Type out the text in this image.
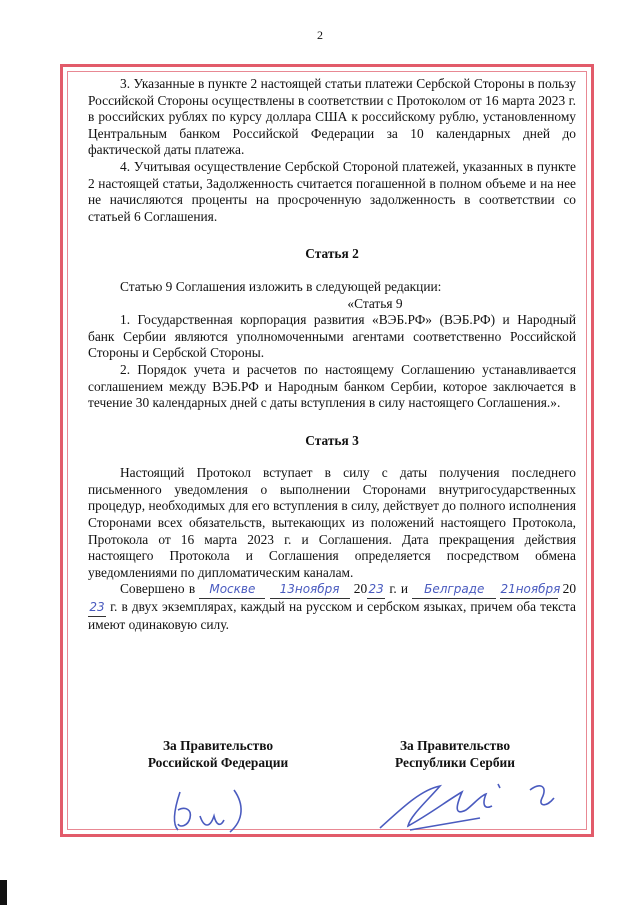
2

3. Указанные в пункте 2 настоящей статьи платежи Сербской Стороны в пользу Российской Стороны осуществлены в соответствии с Протоколом от 16 марта 2023 г. в российских рублях по курсу доллара США к российскому рублю, установленному Центральным банком Российской Федерации за 10 календарных дней до фактической даты платежа.

4. Учитывая осуществление Сербской Стороной платежей, указанных в пункте 2 настоящей статьи, Задолженность считается погашенной в полном объеме и на нее не начисляются проценты на просроченную задолженность в соответствии со статьей 6 Соглашения.

Статья 2

Статью 9 Соглашения изложить в следующей редакции:

«Статья 9

1. Государственная корпорация развития «ВЭБ.РФ» (ВЭБ.РФ) и Народный банк Сербии являются уполномоченными агентами соответственно Российской Стороны и Сербской Стороны.

2. Порядок учета и расчетов по настоящему Соглашению устанавливается соглашением между ВЭБ.РФ и Народным банком Сербии, которое заключается в течение 30 календарных дней с даты вступления в силу настоящего Соглашения.».

Статья 3

Настоящий Протокол вступает в силу с даты получения последнего письменного уведомления о выполнении Сторонами внутригосударственных процедур, необходимых для его вступления в силу, действует до полного исполнения Сторонами всех обязательств, вытекающих из положений настоящего Протокола, Протокола от 16 марта 2023 г. и Соглашения. Дата прекращения действия настоящего Протокола и Соглашения определяется посредством обмена уведомлениями по дипломатическим каналам.

Совершено в Москве 13ноября 2023 г. и Белграде 21ноября 2023 г. в двух экземплярах, каждый на русском и сербском языках, причем оба текста имеют одинаковую силу.

За Правительство
Российской Федерации
За Правительство
Республики Сербии
